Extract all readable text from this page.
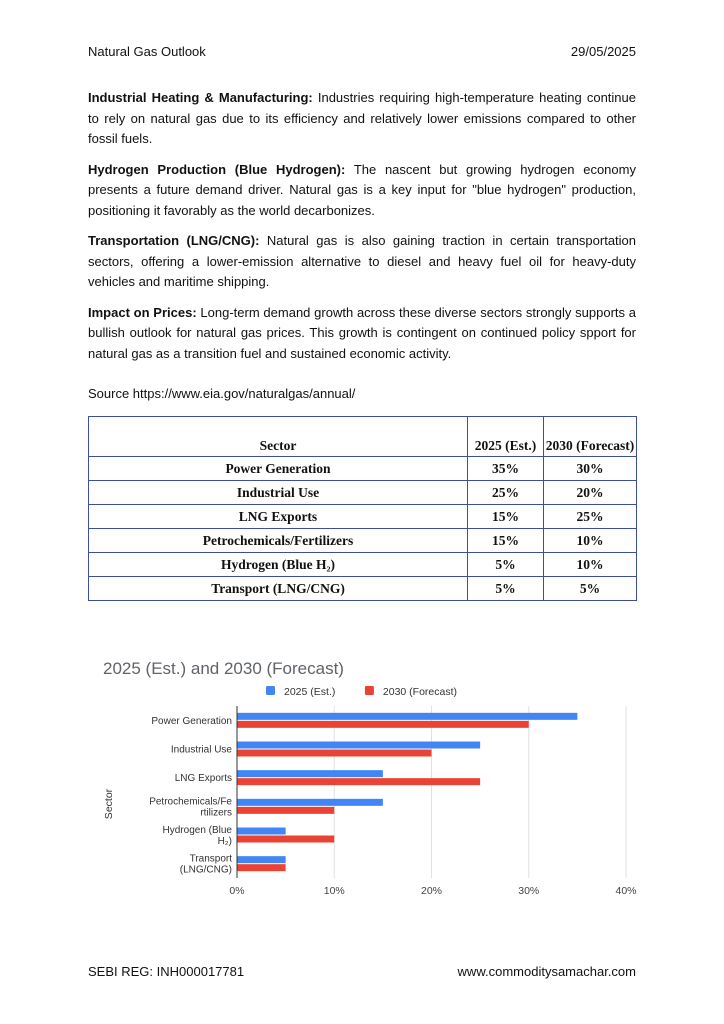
Natural Gas Outlook	29/05/2025

Industrial Heating & Manufacturing: Industries requiring high-temperature heating continue to rely on natural gas due to its efficiency and relatively lower emissions compared to other fossil fuels.

Hydrogen Production (Blue Hydrogen): The nascent but growing hydrogen economy presents a future demand driver. Natural gas is a key input for "blue hydrogen" production, positioning it favorably as the world decarbonizes.

Transportation (LNG/CNG): Natural gas is also gaining traction in certain transportation sectors, offering a lower-emission alternative to diesel and heavy fuel oil for heavy-duty vehicles and maritime shipping.

Impact on Prices: Long-term demand growth across these diverse sectors strongly supports a bullish outlook for natural gas prices. This growth is contingent on continued policy spport for natural gas as a transition fuel and sustained economic activity.

Source https://www.eia.gov/naturalgas/annual/
Sector	2025 (Est.)	2030 (Forecast)
Power Generation	35%	30%
Industrial Use	25%	20%
LNG Exports	15%	25%
Petrochemicals/Fertilizers	15%	10%
Hydrogen (Blue H₂)	5%	10%
Transport (LNG/CNG)	5%	5%
2025 (Est.) and 2030 (Forecast)
2025 (Est.)	2030 (Forecast)
0%	10%	20%	30%	40%
Sector
Power Generation
Industrial Use
LNG Exports
Petrochemicals/Fe
rtilizers
Hydrogen (Blue
H₂)
Transport
(LNG/CNG)
SEBI REG: INH000017781	www.commoditysamachar.com
